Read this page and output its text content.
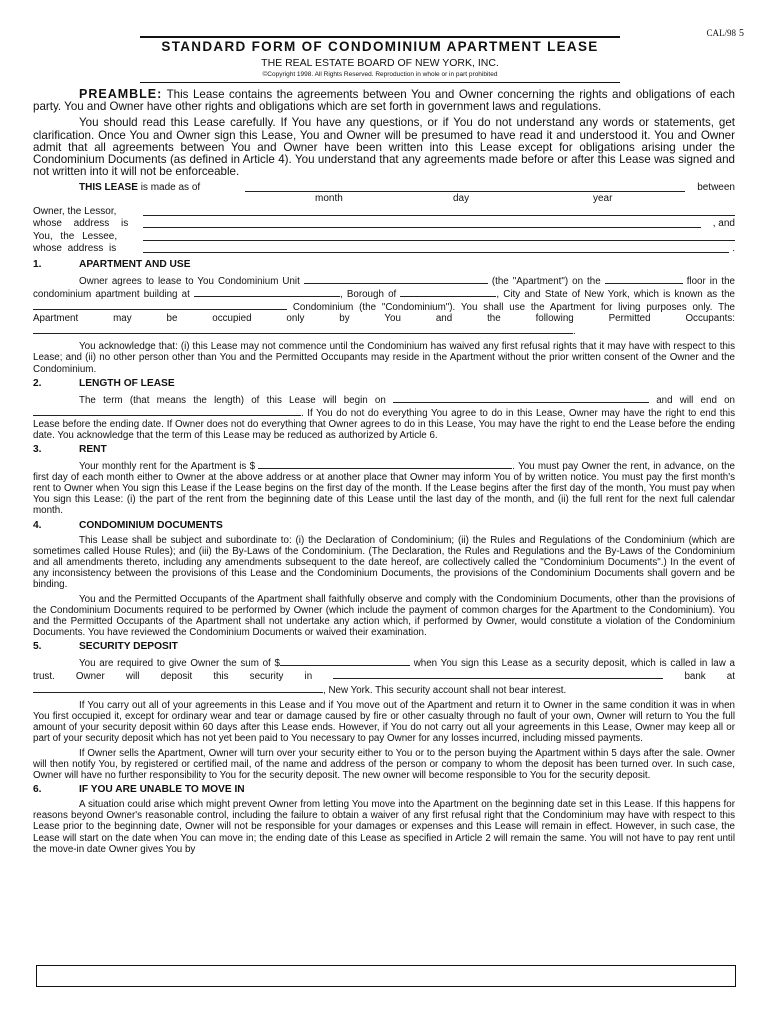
CAL/98 5
STANDARD FORM OF CONDOMINIUM APARTMENT LEASE
THE REAL ESTATE BOARD OF NEW YORK, INC.
©Copyright 1998. All Rights Reserved. Reproduction in whole or in part prohibited

PREAMBLE: This Lease contains the agreements between You and Owner concerning the rights and obligations of each party. You and Owner have other rights and obligations which are set forth in government laws and regulations.

You should read this Lease carefully. If You have any questions, or if You do not understand any words or statements, get clarification. Once You and Owner sign this Lease, You and Owner will be presumed to have read it and understood it. You and Owner admit that all agreements between You and Owner have been written into this Lease except for obligations arising under the Condominium Documents (as defined in Article 4). You understand that any agreements made before or after this Lease was signed and not written into it will not be enforceable.

THIS LEASE is made as of	between
month	day	year
Owner, the Lessor,
whose address is	, and
You, the Lessee,
whose address is	.
1.	APARTMENT AND USE

Owner agrees to lease to You Condominium Unit	(the "Apartment") on the	floor in the condominium apartment building at	, Borough of	, City and State of New York, which is known as the  Condominium (the "Condominium"). You shall use the Apartment for living purposes only. The Apartment may be occupied only by You and the following Permitted Occupants: .

You acknowledge that: (i) this Lease may not commence until the Condominium has waived any first refusal rights that it may have with respect to this Lease; and (ii) no other person other than You and the Permitted Occupants may reside in the Apartment without the prior written consent of the Owner and the Condominium.

2.	LENGTH OF LEASE

The term (that means the length) of this Lease will begin on	and will end on . If You do not do everything You agree to do in this Lease, Owner may have the right to end this Lease before the ending date. If Owner does not do everything that Owner agrees to do in this Lease, You may have the right to end the Lease before the ending date. You acknowledge that the term of this Lease may be reduced as authorized by Article 6.

3.	RENT

Your monthly rent for the Apartment is $	. You must pay Owner the rent, in advance, on the first day of each month either to Owner at the above address or at another place that Owner may inform You of by written notice. You must pay the first month's rent to Owner when You sign this Lease if the Lease begins on the first day of the month. If the Lease begins after the first day of the month, You must pay when You sign this Lease: (i) the part of the rent from the beginning date of this Lease until the last day of the month, and (ii) the full rent for the next full calendar month.

4.	CONDOMINIUM DOCUMENTS

This Lease shall be subject and subordinate to: (i) the Declaration of Condominium; (ii) the Rules and Regulations of the Condominium (which are sometimes called House Rules); and (iii) the By-Laws of the Condominium. (The Declaration, the Rules and Regulations and the By-Laws of the Condominium and all amendments thereto, including any amendments subsequent to the date hereof, are collectively called the "Condominium Documents".) In the event of any inconsistency between the provisions of this Lease and the Condominium Documents, the provisions of the Condominium Documents shall govern and be binding.

You and the Permitted Occupants of the Apartment shall faithfully observe and comply with the Condominium Documents, other than the provisions of the Condominium Documents required to be performed by Owner (which include the payment of common charges for the Apartment to the Condominium). You and the Permitted Occupants of the Apartment shall not undertake any action which, if performed by Owner, would constitute a violation of the Condominium Documents. You have reviewed the Condominium Documents or waived their examination.

5.	SECURITY DEPOSIT

You are required to give Owner the sum of $	when You sign this Lease as a security deposit, which is called in law a trust. Owner will deposit this security in	bank at , New York. This security account shall not bear interest.

If You carry out all of your agreements in this Lease and if You move out of the Apartment and return it to Owner in the same condition it was in when You first occupied it, except for ordinary wear and tear or damage caused by fire or other casualty through no fault of your own, Owner will return to You the full amount of your security deposit within 60 days after this Lease ends. However, if You do not carry out all your agreements in this Lease, Owner may keep all or part of your security deposit which has not yet been paid to You necessary to pay Owner for any losses incurred, including missed payments.

If Owner sells the Apartment, Owner will turn over your security either to You or to the person buying the Apartment within 5 days after the sale. Owner will then notify You, by registered or certified mail, of the name and address of the person or company to whom the deposit has been turned over. In such case, Owner will have no further responsibility to You for the security deposit. The new owner will become responsible to You for the security deposit.

6.	IF YOU ARE UNABLE TO MOVE IN

A situation could arise which might prevent Owner from letting You move into the Apartment on the beginning date set in this Lease. If this happens for reasons beyond Owner's reasonable control, including the failure to obtain a waiver of any first refusal right that the Condominium may have with respect to this Lease prior to the beginning date, Owner will not be responsible for your damages or expenses and this Lease will remain in effect. However, in such case, the Lease will start on the date when You can move in; the ending date of this Lease as specified in Article 2 will remain the same. You will not have to pay rent until the move-in date Owner gives You by
